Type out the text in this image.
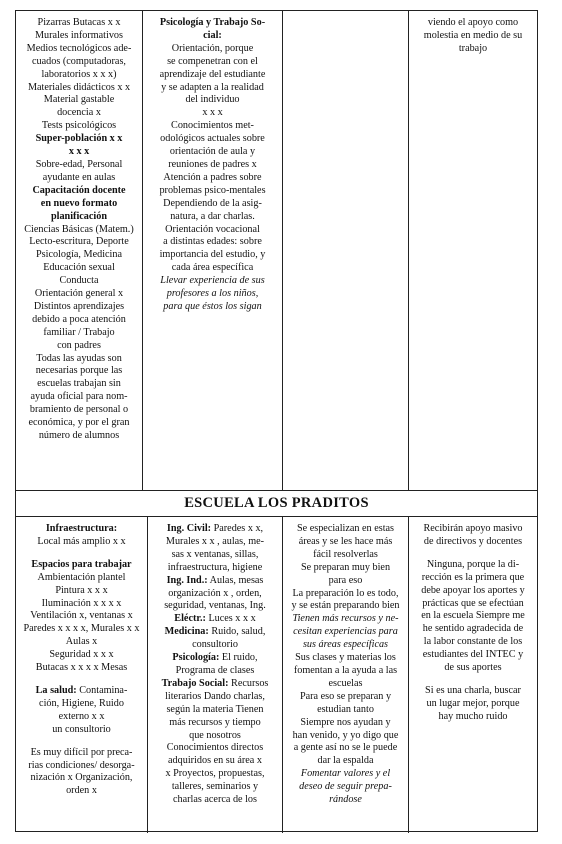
Pizarras Butacas x x
Murales informativos
Medios tecnológicos ade-
cuados (computadoras,
laboratorios x x x)
Materiales didácticos x x
Material gastable
docencia x
Tests psicológicos
Super-población x x
x x x
Sobre-edad, Personal
ayudante en aulas
Capacitación docente
en nuevo formato
planificación
Ciencias Básicas (Matem.)
Lecto-escritura, Deporte
Psicología, Medicina
Educación sexual
Conducta
Orientación general x
Distintos aprendizajes
debido a poca atención
familiar / Trabajo
con padres
Todas las ayudas son
necesarias porque las
escuelas trabajan sin
ayuda oficial para nom-
bramiento de personal o
económica, y por el gran
número de alumnos
Psicología y Trabajo So-
cial:
Orientación, porque
se compenetran con el
aprendizaje del estudiante
y se adapten a la realidad
del individuo
x x x
Conocimientos met-
odológicos actuales sobre
orientación de aula y
reuniones de padres x
Atención a padres sobre
problemas psico-mentales
Dependiendo de la asig-
natura, a dar charlas.
Orientación vocacional
a distintas edades: sobre
importancia del estudio, y
cada área específica
Llevar experiencia de sus
profesores a los niños,
para que éstos los sigan
viendo el apoyo como
molestia en medio de su
trabajo
ESCUELA LOS PRADITOS
Infraestructura:
Local más amplio x x
Espacios para trabajar
Ambientación plantel
Pintura x x x
Iluminación x x x x
Ventilación x, ventanas x
Paredes x x x x, Murales x x
Aulas x
Seguridad x x x
Butacas x x x x Mesas
La salud: Contamina-
ción, Higiene, Ruido
externo x x
un consultorio
Es muy difícil por preca-
rias condiciones/ desorga-
nización x Organización,
orden x
Ing. Civil: Paredes x x,
Murales x x , aulas, me-
sas x ventanas, sillas,
infraestructura, higiene
Ing. Ind.: Aulas, mesas
organización x , orden,
seguridad, ventanas, Ing.
Eléctr.: Luces x x x
Medicina: Ruido, salud,
consultorio
Psicología: El ruido,
Programa de clases
Trabajo Social: Recursos
literarios Dando charlas,
según la materia Tienen
más recursos y tiempo
que nosotros
Conocimientos directos
adquiridos en su área x
x Proyectos, propuestas,
talleres, seminarios y
charlas acerca de los
Se especializan en estas
áreas y se les hace más
fácil resolverlas
Se preparan muy bien
para eso
La preparación lo es todo,
y se están preparando bien
Tienen más recursos y ne-
cesitan experiencias para
sus áreas específicas
Sus clases y materias los
fomentan a la ayuda a las
escuelas
Para eso se preparan y
estudian tanto
Siempre nos ayudan y
han venido, y yo digo que
a gente así no se le puede
dar la espalda
Fomentar valores y el
deseo de seguir prepa-
rándose
Recibirán apoyo masivo
de directivos y docentes
Ninguna, porque la di-
rección es la primera que
debe apoyar los aportes y
prácticas que se efectúan
en la escuela Siempre me
he sentido agradecida de
la labor constante de los
estudiantes del INTEC y
de sus aportes
Si es una charla, buscar
un lugar mejor, porque
hay mucho ruido
